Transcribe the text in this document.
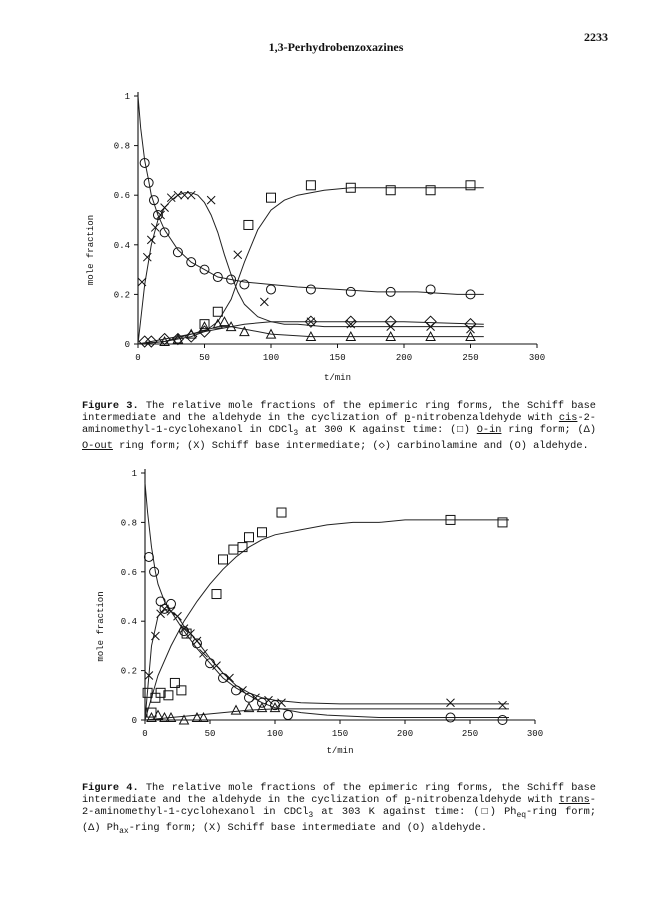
1,3-Perhydrobenzoxazines
2233
0	50	100	150	200	250	300
0
0.2
0.4
0.6
0.8
1
mole fraction
t/min
Figure 3. The relative mole fractions of the epimeric ring forms, the Schiff base intermediate and the aldehyde in the cyclization of p-nitrobenzaldehyde with cis-2-aminomethyl-1-cyclohexanol in CDCl$_3$ at 300 K against time: (□) O-in ring form; (Δ) O-out ring form; (X) Schiff base intermediate; (◇) carbinolamine and (O) aldehyde.
0	50	100	150	200	250	300
0
0.2
0.4
0.6
0.8
1
mole fraction
t/min
Figure 4. The relative mole fractions of the epimeric ring forms, the Schiff base intermediate and the aldehyde in the cyclization of p-nitrobenzaldehyde with trans-2-aminomethyl-1-cyclohexanol in CDCl$_3$ at 303 K against time: (□) $Ph_{eq}$-ring form; (Δ) $Ph_{ax}$-ring form; (X) Schiff base intermediate and (O) aldehyde.
